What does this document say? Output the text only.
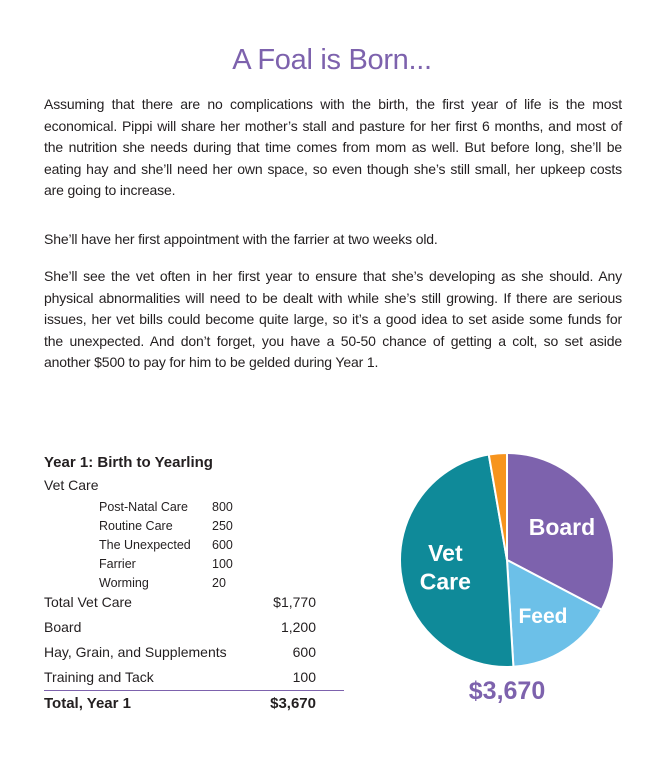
A Foal is Born...

Assuming that there are no complications with the birth, the first year of life is the most economical. Pippi will share her mother’s stall and pasture for her first 6 months, and most of the nutrition she needs during that time comes from mom as well. But before long, she’ll be eating hay and she’ll need her own space, so even though she’s still small, her upkeep costs are going to increase.

She’ll have her first appointment with the farrier at two weeks old.

She’ll see the vet often in her first year to ensure that she’s developing as she should. Any physical abnormalities will need to be dealt with while she’s still growing. If there are serious issues, her vet bills could become quite large, so it’s a good idea to set aside some funds for the unexpected. And don’t forget, you have a 50-50 chance of getting a colt, so set aside another $500 to pay for him to be gelded during Year 1.

Year 1: Birth to Yearling
Vet Care
Post-Natal Care 800
Routine Care	250
The Unexpected 600
Farrier	100
Worming	20
Total Vet Care	$1,770
Board	1,200
Hay, Grain, and Supplements	600
Training and Tack	100
Total, Year 1	$3,670
Board
Feed
Vet
Care
$3,670
